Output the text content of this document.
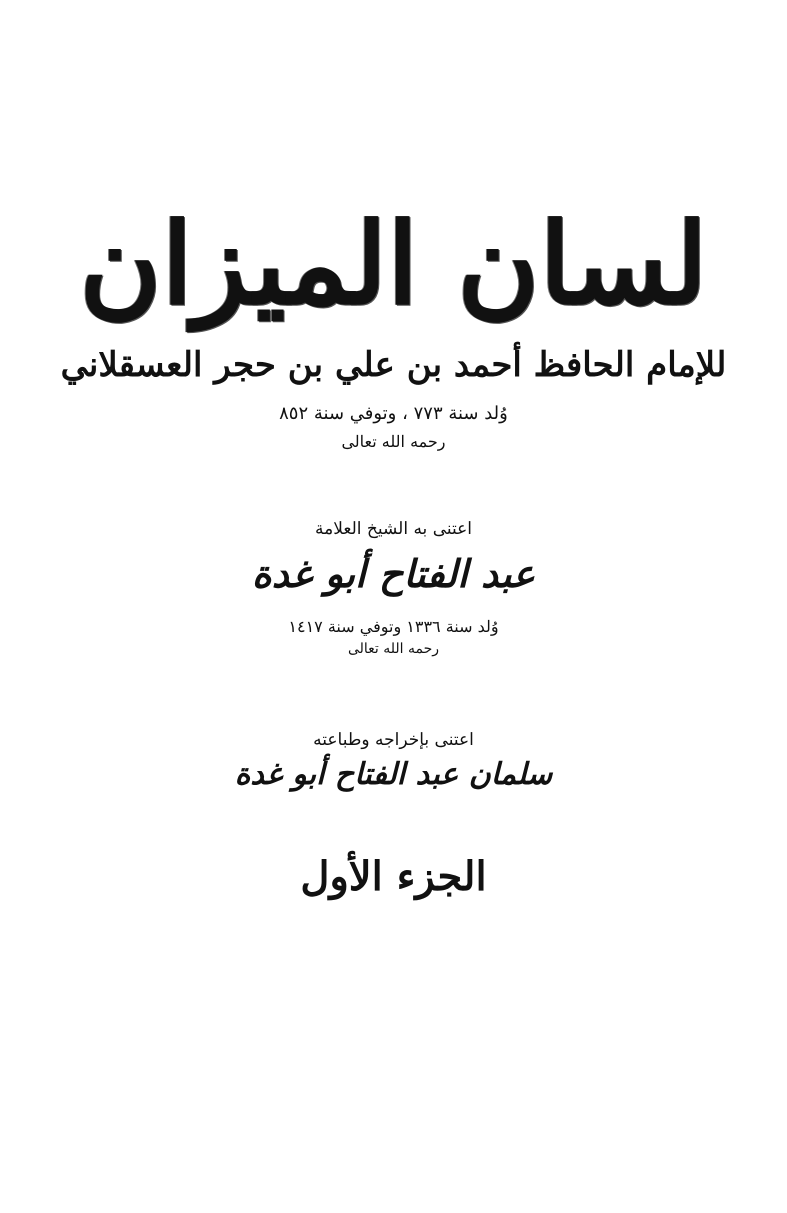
لسان الميزان
للإمام الحافظ أحمد بن علي بن حجر العسقلاني
وُلد سنة ٧٧٣ ، وتوفي سنة ٨٥٢
رحمه الله تعالى
اعتنى به الشيخ العلامة
عبد الفتاح أبو غدة
وُلد سنة ١٣٣٦ وتوفي سنة ١٤١٧
رحمه الله تعالى
اعتنى بإخراجه وطباعته
سلمان عبد الفتاح أبو غدة
الجزء الأول
